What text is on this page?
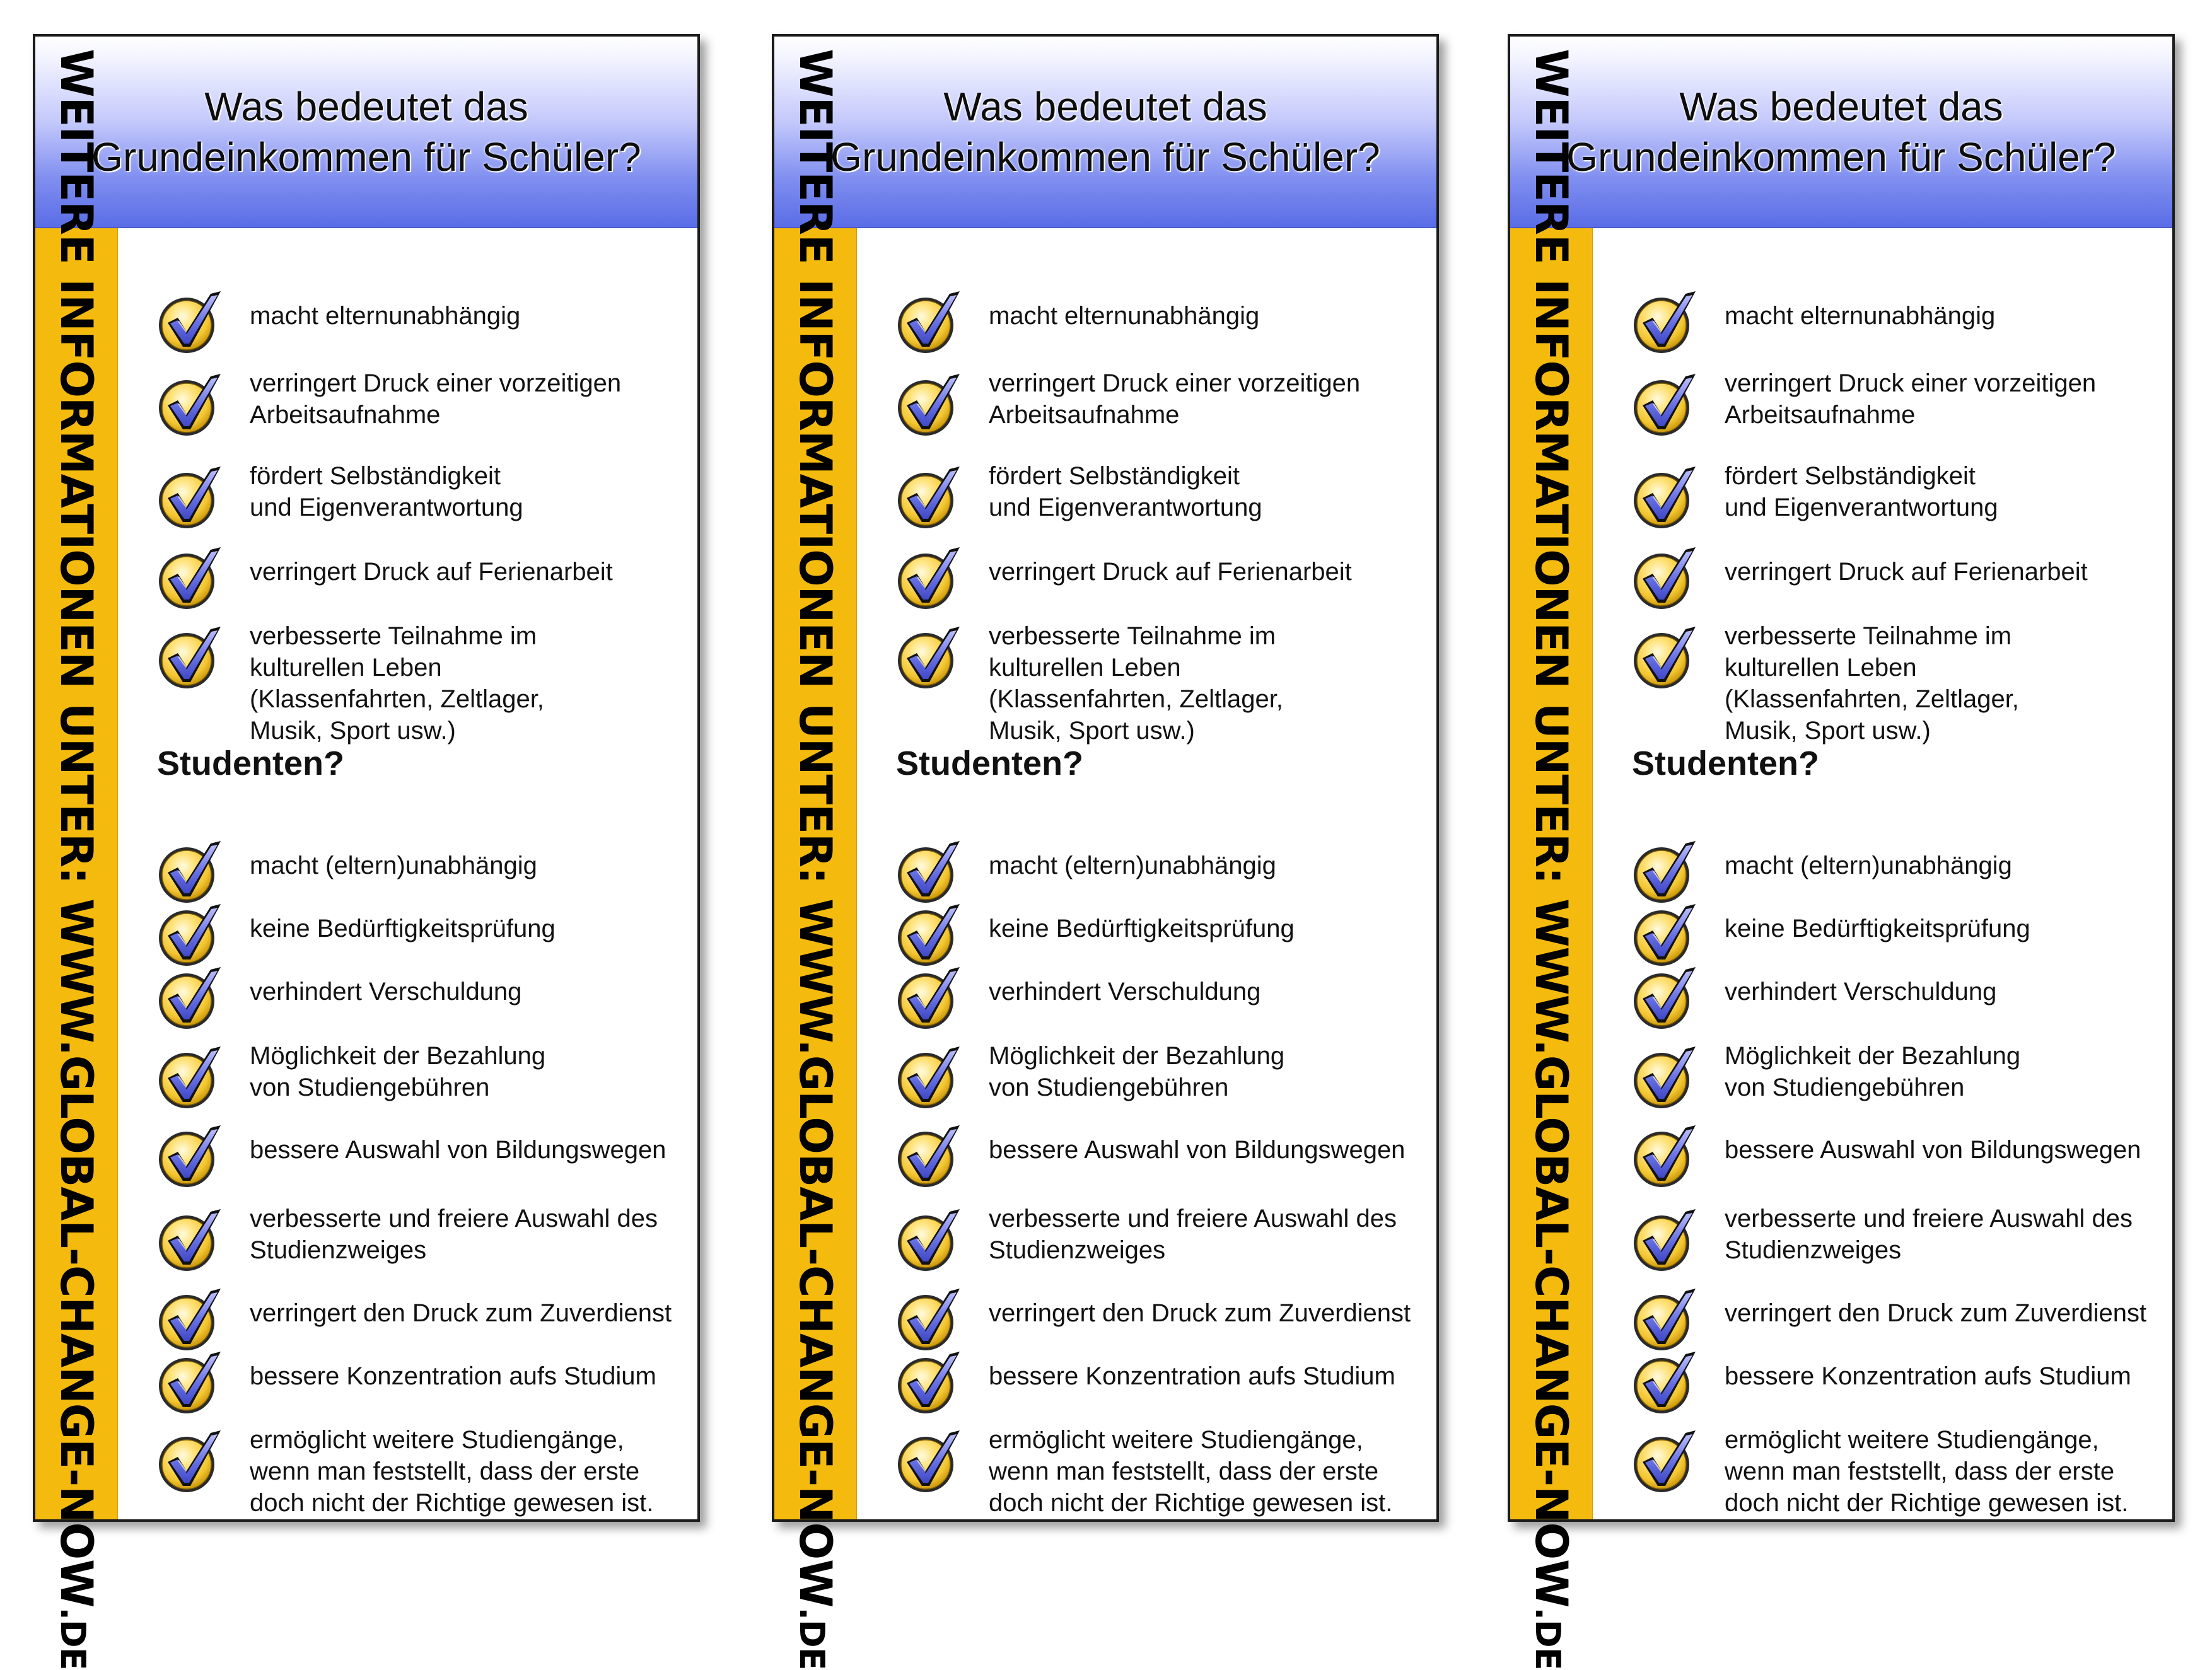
Was bedeutet das
Grundeinkommen für Schüler?
WEITERE INFORMATIONEN UNTER: WWW.GLOBAL-CHANGE-NOW.DE
macht elternunabhängig
verringert Druck einer vorzeitigen
Arbeitsaufnahme
fördert Selbständigkeit
und Eigenverantwortung
verringert Druck auf Ferienarbeit
verbesserte Teilnahme im
kulturellen Leben
(Klassenfahrten, Zeltlager,
Musik, Sport usw.)
Studenten?
macht (eltern)unabhängig
keine Bedürftigkeitsprüfung
verhindert Verschuldung
Möglichkeit der Bezahlung
von Studiengebühren
bessere Auswahl von Bildungswegen
verbesserte und freiere Auswahl des
Studienzweiges
verringert den Druck zum Zuverdienst
bessere Konzentration aufs Studium
ermöglicht weitere Studiengänge,
wenn man feststellt, dass der erste
doch nicht der Richtige gewesen ist.
Was bedeutet das
Grundeinkommen für Schüler?
WEITERE INFORMATIONEN UNTER: WWW.GLOBAL-CHANGE-NOW.DE
macht elternunabhängig
verringert Druck einer vorzeitigen
Arbeitsaufnahme
fördert Selbständigkeit
und Eigenverantwortung
verringert Druck auf Ferienarbeit
verbesserte Teilnahme im
kulturellen Leben
(Klassenfahrten, Zeltlager,
Musik, Sport usw.)
Studenten?
macht (eltern)unabhängig
keine Bedürftigkeitsprüfung
verhindert Verschuldung
Möglichkeit der Bezahlung
von Studiengebühren
bessere Auswahl von Bildungswegen
verbesserte und freiere Auswahl des
Studienzweiges
verringert den Druck zum Zuverdienst
bessere Konzentration aufs Studium
ermöglicht weitere Studiengänge,
wenn man feststellt, dass der erste
doch nicht der Richtige gewesen ist.
Was bedeutet das
Grundeinkommen für Schüler?
WEITERE INFORMATIONEN UNTER: WWW.GLOBAL-CHANGE-NOW.DE
macht elternunabhängig
verringert Druck einer vorzeitigen
Arbeitsaufnahme
fördert Selbständigkeit
und Eigenverantwortung
verringert Druck auf Ferienarbeit
verbesserte Teilnahme im
kulturellen Leben
(Klassenfahrten, Zeltlager,
Musik, Sport usw.)
Studenten?
macht (eltern)unabhängig
keine Bedürftigkeitsprüfung
verhindert Verschuldung
Möglichkeit der Bezahlung
von Studiengebühren
bessere Auswahl von Bildungswegen
verbesserte und freiere Auswahl des
Studienzweiges
verringert den Druck zum Zuverdienst
bessere Konzentration aufs Studium
ermöglicht weitere Studiengänge,
wenn man feststellt, dass der erste
doch nicht der Richtige gewesen ist.
